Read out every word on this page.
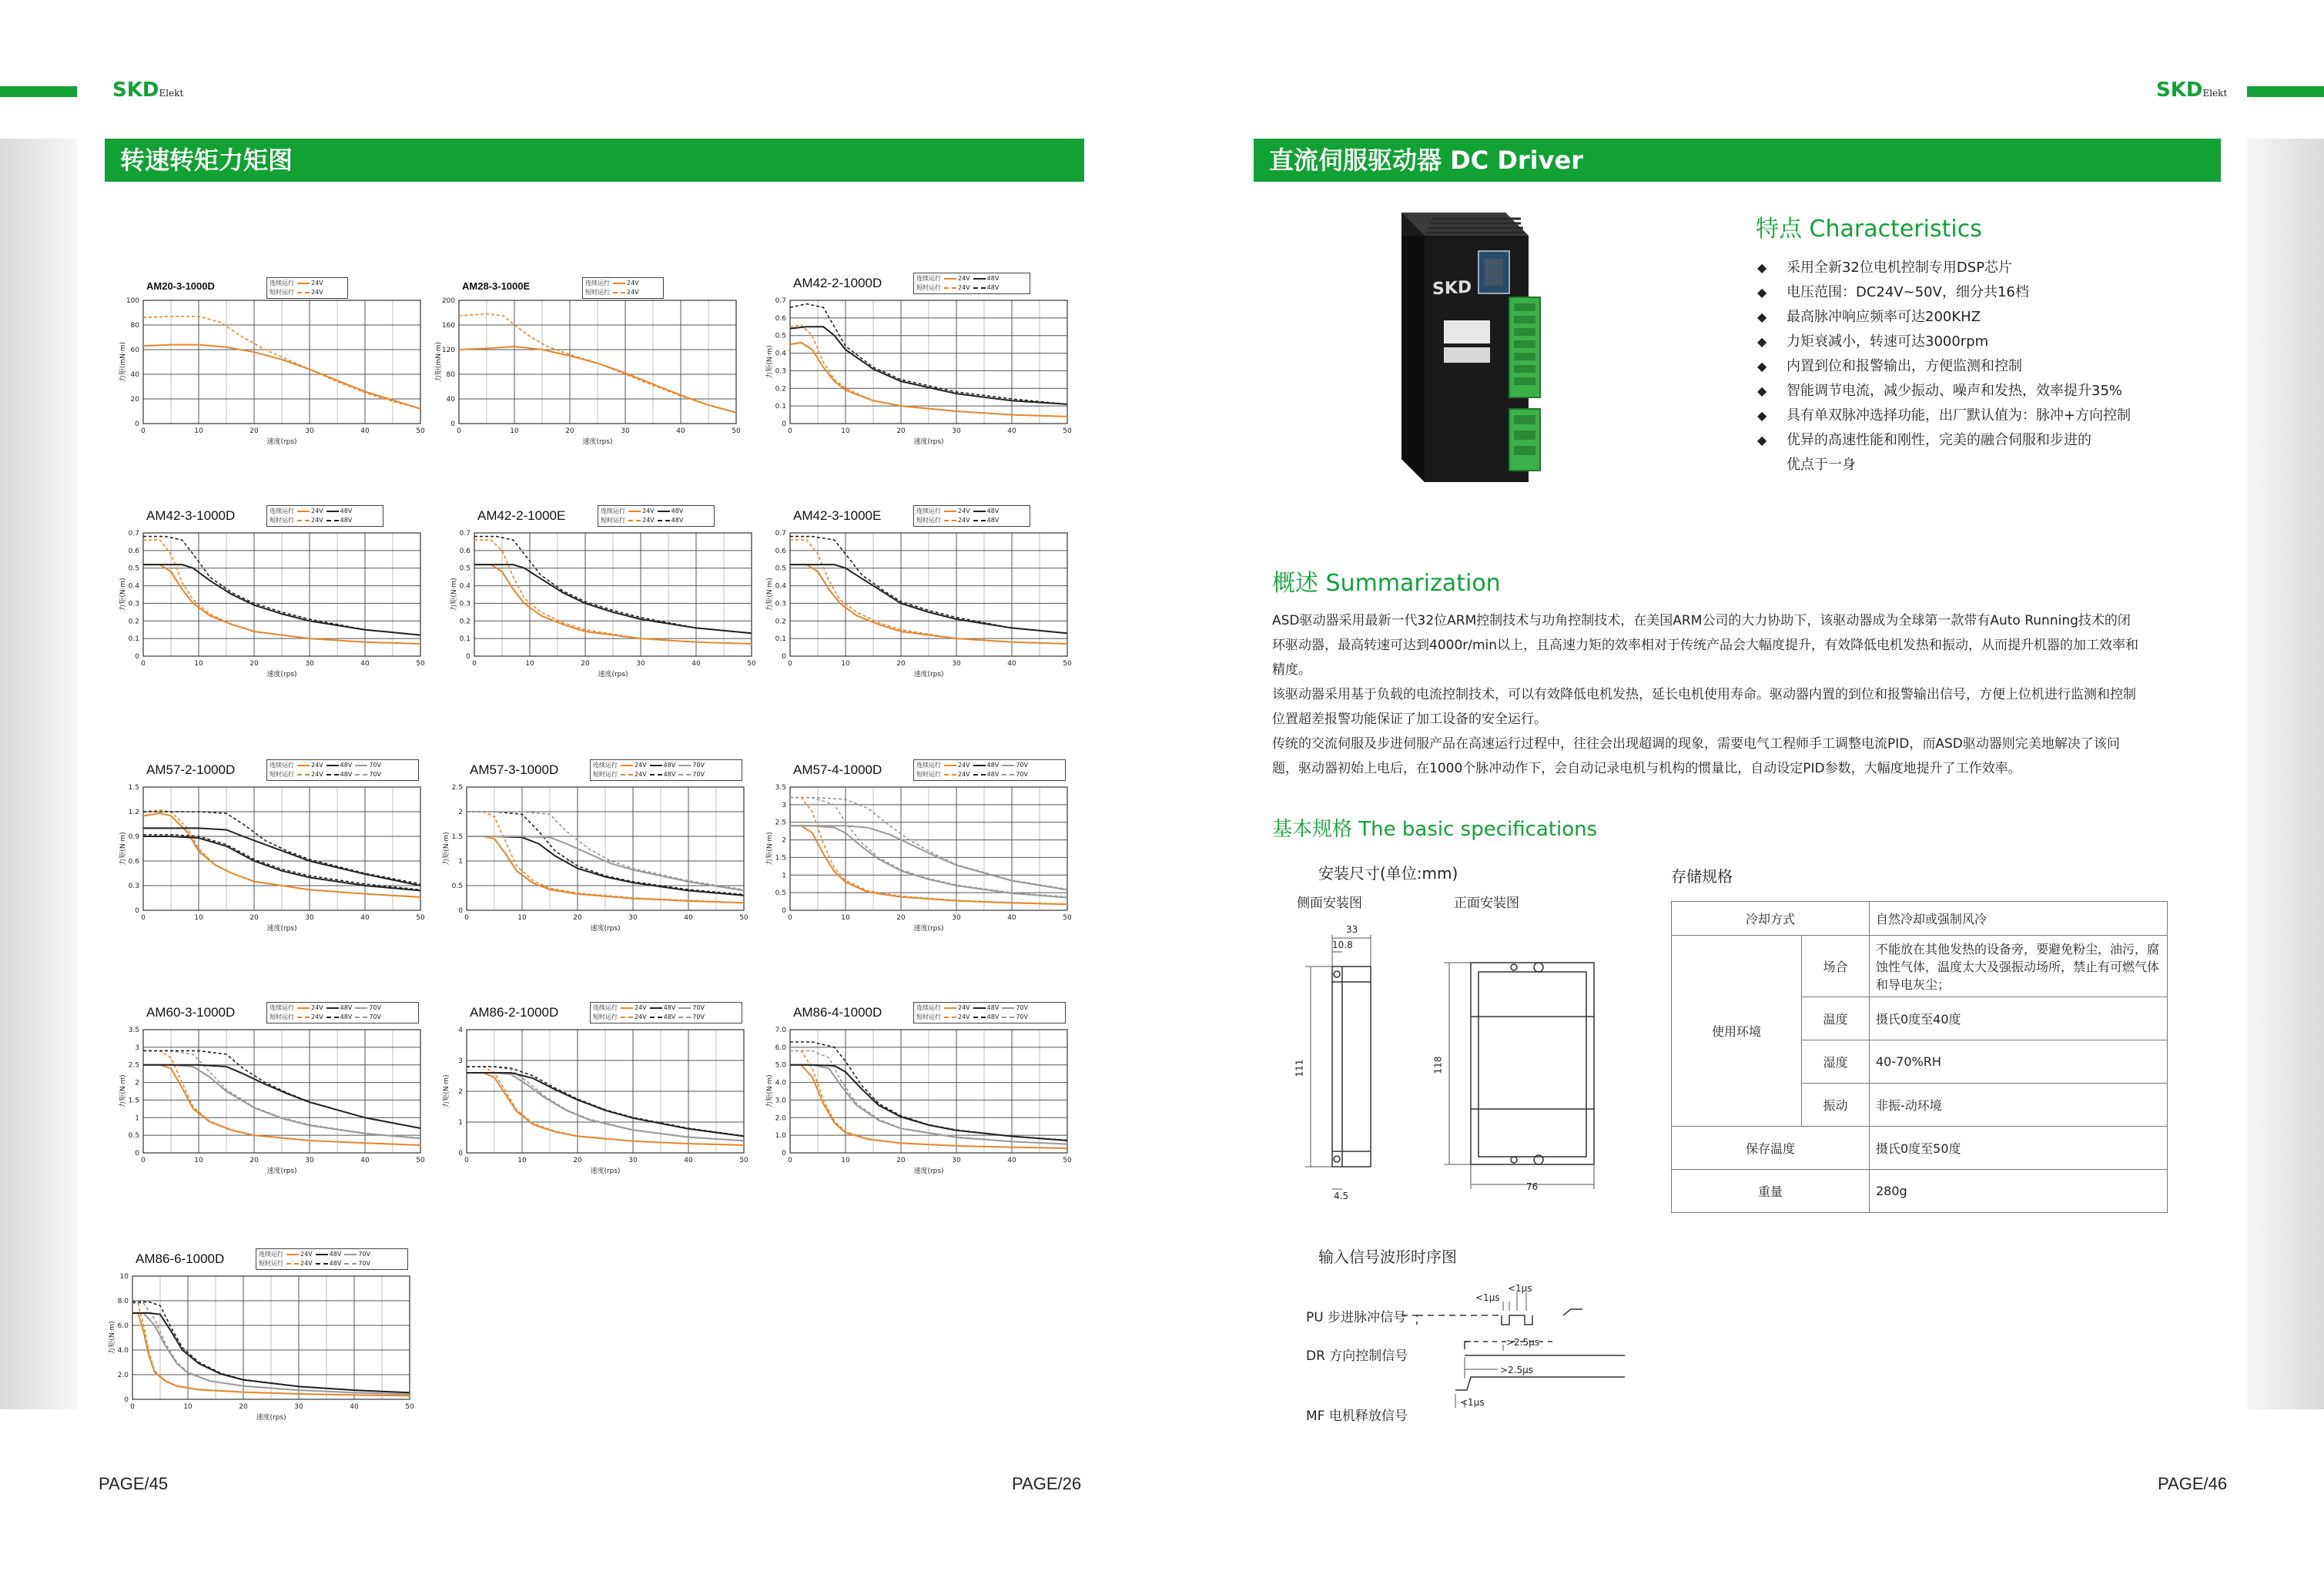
SKDElekt	SKDElekt
转速转矩力矩图	直流伺服驱动器 DC Driver
AM20-3-1000D
0	10	20	30	40	50
0
20
40
60
80
100
速度(rps)
力矩(mN·m)
连续运行	24V
短时运行	24V
AM28-3-1000E
0	10	20	30	40	50
0
40
80
120
160
200
速度(rps)
力矩(mN·m)
连续运行	24V
短时运行	24V
AM42-2-1000D
0	10	20	30	40	50
0
0.1
0.2
0.3
0.4
0.5
0.6
0.7
速度(rps)
力矩(N·m)
连续运行	24V	48V
短时运行	24V	48V
AM42-3-1000D
0	10	20	30	40	50
0
0.1
0.2
0.3
0.4
0.5
0.6
0.7
速度(rps)
力矩(N·m)
连续运行	24V	48V
短时运行	24V	48V	AM42-2-1000E
0	10	20	30	40	50
0
0.1
0.2
0.3
0.4
0.5
0.6
0.7
速度(rps)
力矩(N·m)
连续运行	24V	48V
短时运行	24V	48V	AM42-3-1000E
0	10	20	30	40	50
0
0.1
0.2
0.3
0.4
0.5
0.6
0.7
速度(rps)
力矩(N·m)
连续运行	24V	48V
短时运行	24V	48V
AM57-2-1000D
0	10	20	30	40	50
0
0.3
0.6
0.9
1.2
1.5
速度(rps)
力矩(N·m)
连续运行	24V	48V	70V
短时运行	24V	48V	70V	AM57-3-1000D
0	10	20	30	40	50
0
0.5
1
1.5
2
2.5
速度(rps)
力矩(N·m)
连续运行	24V	48V	70V
短时运行	24V	48V	70V	AM57-4-1000D
0	10	20	30	40	50
0
0.5
1
1.5
2
2.5
3
3.5
速度(rps)
力矩(N·m)
连续运行	24V	48V	70V
短时运行	24V	48V	70V
AM60-3-1000D
0	10	20	30	40	50
0
0.5
1
1.5
2
2.5
3
3.5
速度(rps)
力矩(N·m)
连续运行	24V	48V	70V
短时运行	24V	48V	70V	AM86-2-1000D
0	10	20	30	40	50
0
1
2
3
4
速度(rps)
力矩(N·m)
连续运行	24V	48V	70V
短时运行	24V	48V	70V	AM86-4-1000D
0	10	20	30	40	50
0
1.0
2.0
3.0
4.0
5.0
6.0
7.0
速度(rps)
力矩(N·m)
连续运行	24V	48V	70V
短时运行	24V	48V	70V
AM86-6-1000D
0	10	20	30	40	50
0
2.0
4.0
6.0
8.0
10
速度(rps)
力矩(N·m)
连续运行	24V	48V	70V
短时运行	24V	48V	70V
SKD
特点 Characteristics
◆ 采用全新32位电机控制专用DSP芯片
◆ 电压范围：DC24Ⅴ~50Ⅴ，细分共16档
◆ 最高脉冲响应频率可达200KHZ
◆ 力矩衰减小，转速可达3000rpm
◆ 内置到位和报警输出，方便监测和控制
◆ 智能调节电流，减少振动、噪声和发热，效率提升35%
◆ 具有单双脉冲选择功能，出厂默认值为：脉冲+方向控制
◆ 优异的高速性能和刚性，完美的融合伺服和步进的
优点于一身
概述 Summarization

ASD驱动器采用最新一代32位ARM控制技术与功角控制技术，在美国ARM公司的大力协助下，该驱动器成为全球第一款带有Auto Running技术的闭环驱动器，最高转速可达到4000r/min以上，且高速力矩的效率相对于传统产品会大幅度提升，有效降低电机发热和振动，从而提升机器的加工效率和精度。

该驱动器采用基于负载的电流控制技术，可以有效降低电机发热，延长电机使用寿命。驱动器内置的到位和报警输出信号，方便上位机进行监测和控制位置超差报警功能保证了加工设备的安全运行。

传统的交流伺服及步进伺服产品在高速运行过程中，往往会出现超调的现象，需要电气工程师手工调整电流PID，而ASD驱动器则完美地解决了该问题，驱动器初始上电后，在1000个脉冲动作下，会自动记录电机与机构的惯量比，自动设定PID参数，大幅度地提升了工作效率。

基本规格 The basic specifications
安装尺寸(单位:mm)
侧面安装图	正面安装图
33
10.8
111	118
4.5
76
存储规格
冷却方式		自然冷却或强制风冷
使用环境	场合	不能放在其他发热的设备旁，要避免粉尘，油污，腐蚀性气体，温度太大及强振动场所，禁止有可燃气体和导电灰尘；
	温度	摄氏0度至40度
	湿度	40-70%RH
	振动	非振-动环境
保存温度		摄氏0度至50度
重量		280g
输入信号波形时序图
<1μs
<1μs
>2.5μs
>2.5μs
<1μs
PU 步进脉冲信号
DR 方向控制信号
MF 电机释放信号
PAGE/45	PAGE/26	PAGE/46
